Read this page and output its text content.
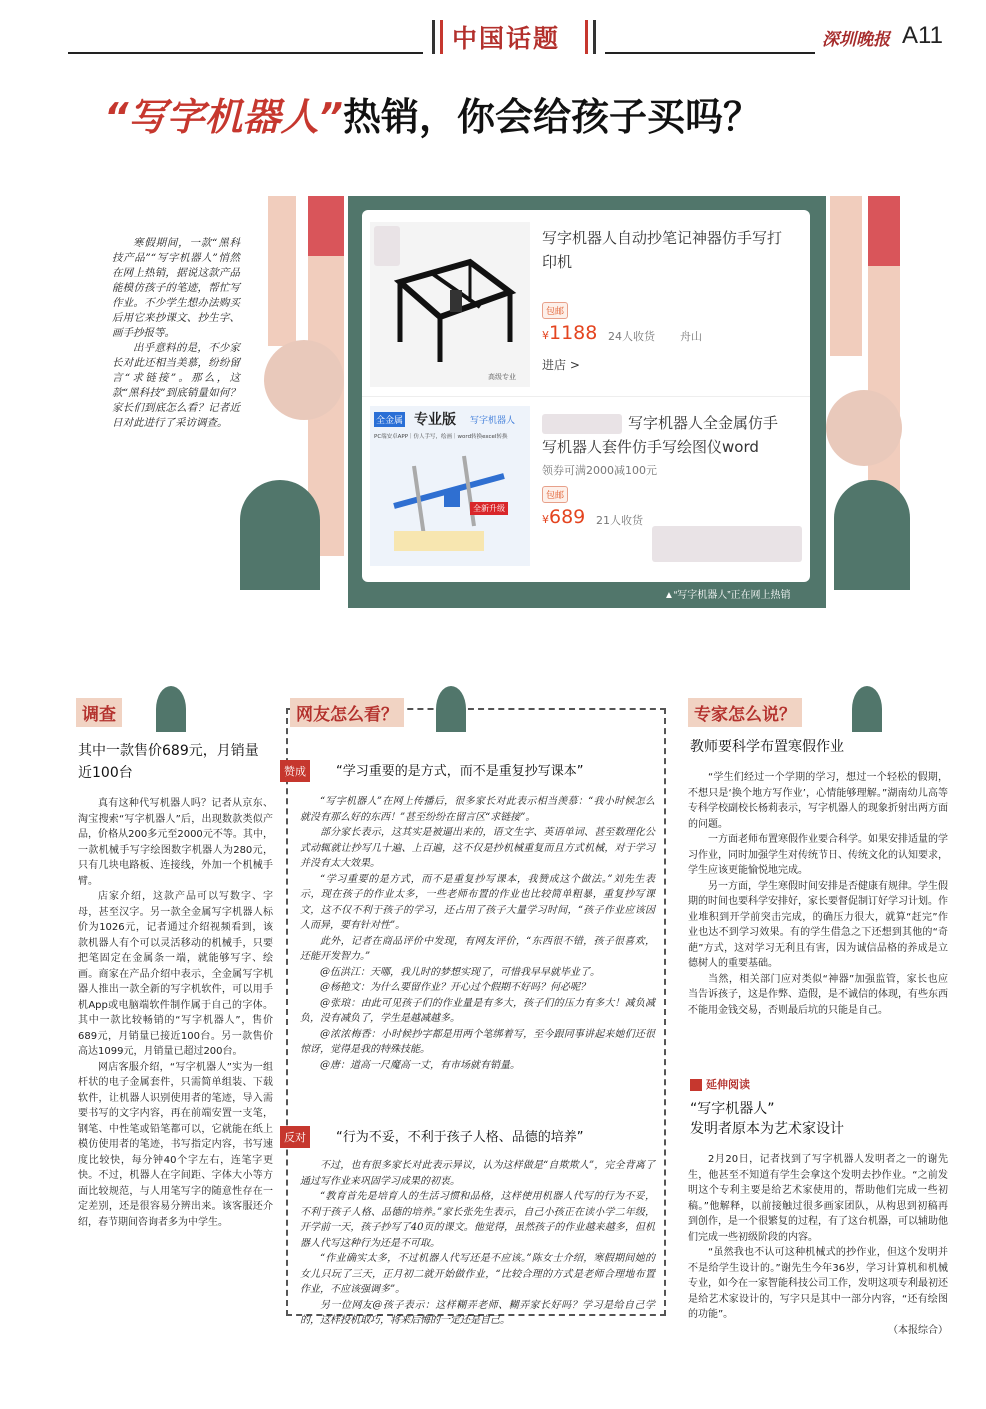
中国话题	深圳晚报 A11
“写字机器人”热销，你会给孩子买吗？

寒假期间，一款“黑科技产品”“写字机器人”悄然在网上热销，据说这款产品能模仿孩子的笔迹，帮忙写作业。不少学生想办法购买后用它来抄课文、抄生字、画手抄报等。

出乎意料的是，不少家长对此还相当美慕，纷纷留言“求链接”。那么，这款“黑科技”到底销量如何？家长们到底怎么看？记者近日对此进行了采访调查。

高级专业
写字机器人自动抄笔记神器仿手写打印机
包邮
¥1188 24人收货 舟山
进店 >
全金属 专业版 写字机器人
PC端安卓APP｜仿人手写，绘画｜word转换excel转换
全新升级
写字机器人全金属仿手写机器人套件仿手写绘图仪word
领券可满2000减100元
包邮
¥689 21人收货
▲“写字机器人”正在网上热销
调查
其中一款售价689元，月销量近100台

真有这种代写机器人吗？记者从京东、淘宝搜索“写字机器人”后，出现数款类似产品，价格从200多元至2000元不等。其中，一款机械手写字绘图数字机器人为280元，只有几块电路板、连接线，外加一个机械手臂。

店家介绍，这款产品可以写数字、字母，甚至汉字。另一款全金属写字机器人标价为1026元，记者通过介绍视频看到，该款机器人有个可以灵活移动的机械手，只要把笔固定在金属条一端，就能够写字、绘画。商家在产品介绍中表示，全金属写字机器人推出一款全新的写字机软件，可以用手机App或电脑端软件制作属于自己的字体。其中一款比较畅销的“写字机器人”，售价689元，月销量已接近100台。另一款售价高达1099元，月销量已超过200台。

网店客服介绍，“写字机器人”实为一组杆状的电子金属套件，只需简单组装、下载软件，让机器人识别使用者的笔迹，导入需要书写的文字内容，再在前端安置一支笔，钢笔、中性笔或铅笔都可以，它就能在纸上模仿使用者的笔迹，书写指定内容，书写速度比较快，每分钟40个字左右，连笔字更快。不过，机器人在字间距、字体大小等方面比较规范，与人用笔写字的随意性存在一定差别，还是很容易分辨出来。该客服还介绍，春节期间咨询者多为中学生。

网友怎么看？
赞成	“学习重要的是方式，而不是重复抄写课本”

“写字机器人”在网上传播后，很多家长对此表示相当羡慕：“我小时候怎么就没有那么好的东西！”甚至纷纷在留言区“求链接”。

部分家长表示，这其实是被逼出来的，语文生字、英语单词、甚至数理化公式动辄就让抄写几十遍、上百遍，这不仅是抄机械重复而且方式机械，对于学习并没有太大效果。

“学习重要的是方式，而不是重复抄写课本，我赞成这个做法。”刘先生表示，现在孩子的作业太多，一些老师布置的作业也比较简单粗暴，重复抄写课文，这不仅不利于孩子的学习，还占用了孩子大量学习时间，“孩子作业应该因人而异，要有针对性”。

此外，记者在商品评价中发现，有网友评价，“东西很不错，孩子很喜欢，还能开发智力。”

@伍洪江：天哪，我儿时的梦想实现了，可惜我早早就毕业了。

@杨艳文：为什么要留作业？开心过个假期不好吗？何必呢？

@张琅：由此可见孩子们的作业量是有多大，孩子们的压力有多大！减负减负，没有减负了，学生是越减越多。

@浓浓梅香：小时候抄字都是用两个笔绑着写，至今跟同事讲起来她们还很惊讶，觉得是我的特殊技能。

@唐：道高一尺魔高一丈，有市场就有销量。

反对	“行为不妥，不利于孩子人格、品德的培养”

不过，也有很多家长对此表示异议，认为这样做是“自欺欺人”，完全背离了通过写作业来巩固学习成果的初衷。

“教育首先是培育人的生活习惯和品格，这样使用机器人代写的行为不妥，不利于孩子人格、品德的培养。”家长张先生表示，自己小孩正在读小学二年级，开学前一天，孩子抄写了40页的课文。他觉得，虽然孩子的作业越来越多，但机器人代写这种行为还是不可取。

“作业确实太多，不过机器人代写还是不应该。”陈女士介绍，寒假期间她的女儿只玩了三天，正月初二就开始做作业，“比较合理的方式是老师合理地布置作业，不应该强调多”。

另一位网友@孩子表示：这样糊弄老师、糊弄家长好吗？学习是给自己学的，这样投机取巧，将来后悔的一定还是自己。

专家怎么说？
教师要科学布置寒假作业

“学生们经过一个学期的学习，想过一个轻松的假期，不想只是‘换个地方写作业’，心情能够理解。”湖南幼儿高等专科学校副校长杨莉表示，写字机器人的现象折射出两方面的问题。

一方面老师布置寒假作业要合科学。如果安排适量的学习作业，同时加强学生对传统节日、传统文化的认知要求，学生应该更能愉悦地完成。

另一方面，学生寒假时间安排是否健康有规律。学生假期的时间也要科学安排好，家长要督促制订好学习计划。作业堆积到开学前突击完成，的确压力很大，就算“赶完”作业也达不到学习效果。有的学生借急之下还想到其他的“奇葩”方式，这对学习无利且有害，因为诚信品格的养成是立德树人的重要基础。

当然，相关部门应对类似“神器”加强监管，家长也应当告诉孩子，这是作弊、造假，是不诚信的体现，有些东西不能用金钱交易，否则最后坑的只能是自己。

延伸阅读
“写字机器人”
发明者原本为艺术家设计

2月20日，记者找到了写字机器人发明者之一的谢先生，他甚至不知道有学生会拿这个发明去抄作业。“之前发明这个专利主要是给艺术家使用的，帮助他们完成一些初稿。”他解释，以前接触过很多画家团队，从构思到初稿再到创作，是一个很繁复的过程，有了这台机器，可以辅助他们完成一些初级阶段的内容。

“虽然我也不认可这种机械式的抄作业，但这个发明并不是给学生设计的。”谢先生今年36岁，学习计算机和机械专业，如今在一家智能科技公司工作，发明这项专利最初还是给艺术家设计的，写字只是其中一部分内容，“还有绘图的功能”。

（本报综合）
